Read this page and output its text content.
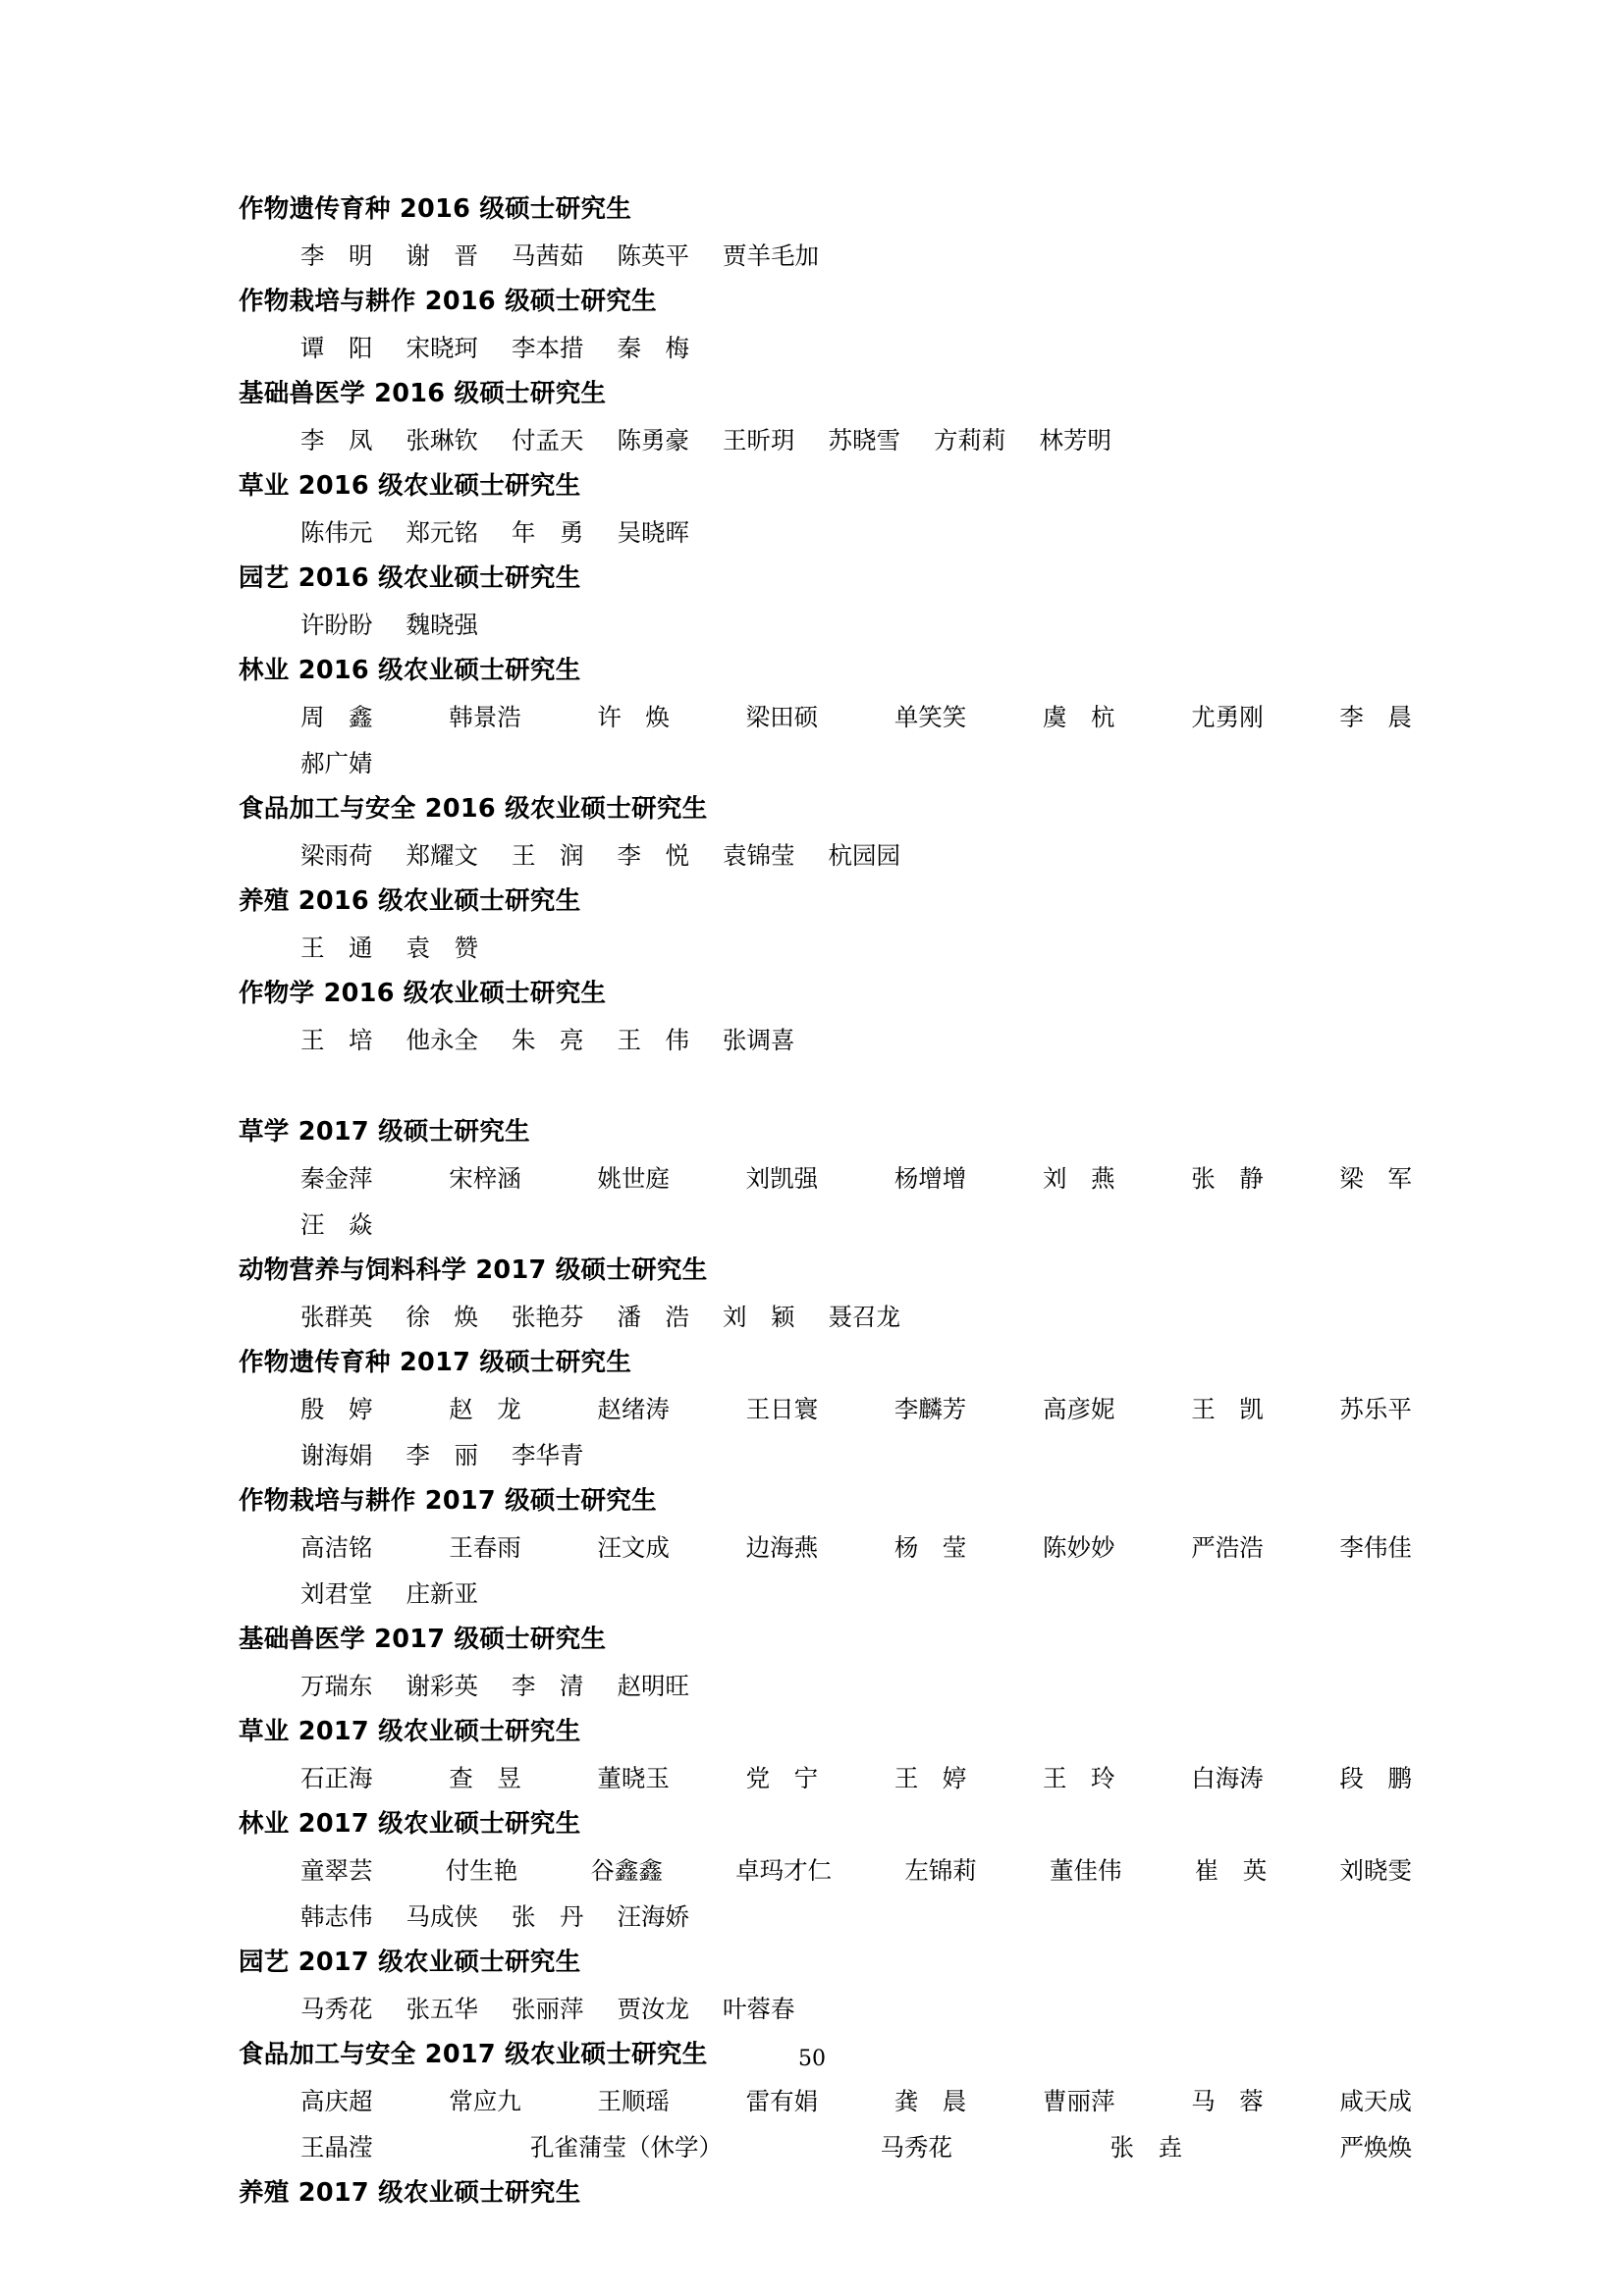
作物遗传育种 2016 级硕士研究生
李　明 谢　晋 马茜茹 陈英平 贾羊毛加
作物栽培与耕作 2016 级硕士研究生
谭　阳 宋晓珂 李本措 秦　梅
基础兽医学 2016 级硕士研究生
李　凤 张琳钦 付孟天 陈勇豪 王昕玥 苏晓雪 方莉莉 林芳明
草业 2016 级农业硕士研究生
陈伟元 郑元铭 年　勇 吴晓晖
园艺 2016 级农业硕士研究生
许盼盼 魏晓强
林业 2016 级农业硕士研究生
周　鑫	韩景浩	许　焕	梁田硕	单笑笑	虞　杭	尤勇刚	李　晨
郝广婧
食品加工与安全 2016 级农业硕士研究生
梁雨荷 郑耀文 王　润 李　悦 袁锦莹 杭园园
养殖 2016 级农业硕士研究生
王　通 袁　赞
作物学 2016 级农业硕士研究生
王　培 他永全 朱　亮 王　伟 张调喜
草学 2017 级硕士研究生
秦金萍	宋梓涵	姚世庭	刘凯强	杨增增	刘　燕	张　静	梁　军
汪　焱
动物营养与饲料科学 2017 级硕士研究生
张群英 徐　焕 张艳芬 潘　浩 刘　颖 聂召龙
作物遗传育种 2017 级硕士研究生
殷　婷	赵　龙	赵绪涛	王日寰	李麟芳	高彦妮	王　凯	苏乐平
谢海娟 李　丽 李华青
作物栽培与耕作 2017 级硕士研究生
高洁铭	王春雨	汪文成	边海燕	杨　莹	陈妙妙	严浩浩	李伟佳
刘君堂 庄新亚
基础兽医学 2017 级硕士研究生
万瑞东 谢彩英 李　清 赵明旺
草业 2017 级农业硕士研究生
石正海	查　昱	董晓玉	党　宁	王　婷	王　玲	白海涛	段　鹏
林业 2017 级农业硕士研究生
童翠芸	付生艳	谷鑫鑫	卓玛才仁	左锦莉	董佳伟	崔　英	刘晓雯
韩志伟 马成侠 张　丹 汪海娇
园艺 2017 级农业硕士研究生
马秀花 张五华 张丽萍 贾汝龙 叶蓉春
食品加工与安全 2017 级农业硕士研究生
高庆超	常应九	王顺瑶	雷有娟	龚　晨	曹丽萍	马　蓉	咸天成
王晶滢	孔雀蒲莹（休学）	马秀花	张　垚	严焕焕
养殖 2017 级农业硕士研究生
50
